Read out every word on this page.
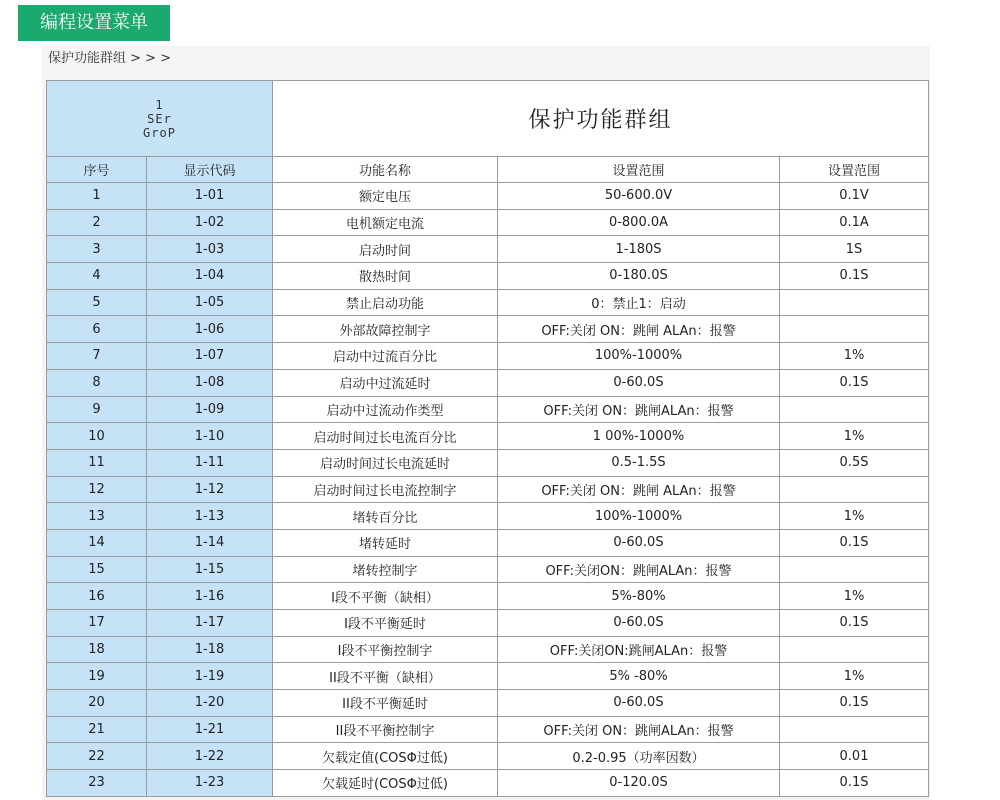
编程设置菜单
保护功能群组 > > >
1
SEr
GroP		保护功能群组		
序号	显示代码	功能名称	设置范围	设置范围
1	1-01	额定电压	50-600.0V	0.1V
2	1-02	电机额定电流	0-800.0A	0.1A
3	1-03	启动时间	1-180S	1S
4	1-04	散热时间	0-180.0S	0.1S
5	1-05	禁止启动功能	0：禁止1：启动	
6	1-06	外部故障控制字	OFF:关闭 ON：跳闸 ALAn：报警	
7	1-07	启动中过流百分比	100%-1000%	1%
8	1-08	启动中过流延时	0-60.0S	0.1S
9	1-09	启动中过流动作类型	OFF:关闭 ON：跳闸ALAn：报警	
10	1-10	启动时间过长电流百分比	1 00%-1000%	1%
11	1-11	启动时间过长电流延时	0.5-1.5S	0.5S
12	1-12	启动时间过长电流控制字	OFF:关闭 ON：跳闸 ALAn：报警	
13	1-13	堵转百分比	100%-1000%	1%
14	1-14	堵转延时	0-60.0S	0.1S
15	1-15	堵转控制字	OFF:关闭ON：跳闸ALAn：报警	
16	1-16	I段不平衡（缺相）	5%-80%	1%
17	1-17	I段不平衡延时	0-60.0S	0.1S
18	1-18	I段不平衡控制字	OFF:关闭ON:跳闸ALAn：报警	
19	1-19	II段不平衡（缺相）	5% -80%	1%
20	1-20	II段不平衡延时	0-60.0S	0.1S
21	1-21	II段不平衡控制字	OFF:关闭 ON：跳闸ALAn：报警	
22	1-22	欠载定值(COSΦ过低)	0.2-0.95（功率因数）	0.01
23	1-23	欠载延时(COSΦ过低)	0-120.0S	0.1S
